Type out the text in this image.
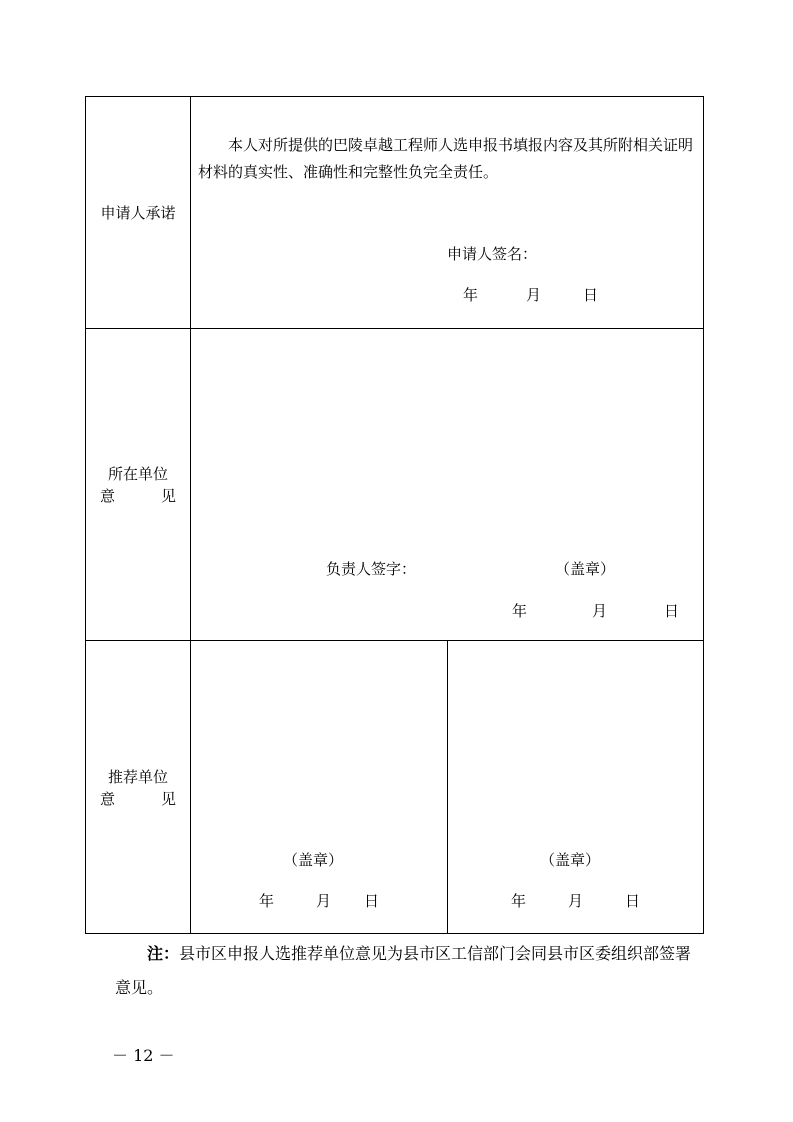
申请人承诺
本人对所提供的巴陵卓越工程师人选申报书填报内容及其所附相关证明材料的真实性、准确性和完整性负完全责任。
申请人签名：
年	月	日
所在单位
意	见
负责人签字：	（盖章）
年	月	日
推荐单位
意	见
（盖章）
年	月 日
（盖章）
年	月	日
注：县市区申报人选推荐单位意见为县市区工信部门会同县市区委组织部签署意见。
－ 12 －
